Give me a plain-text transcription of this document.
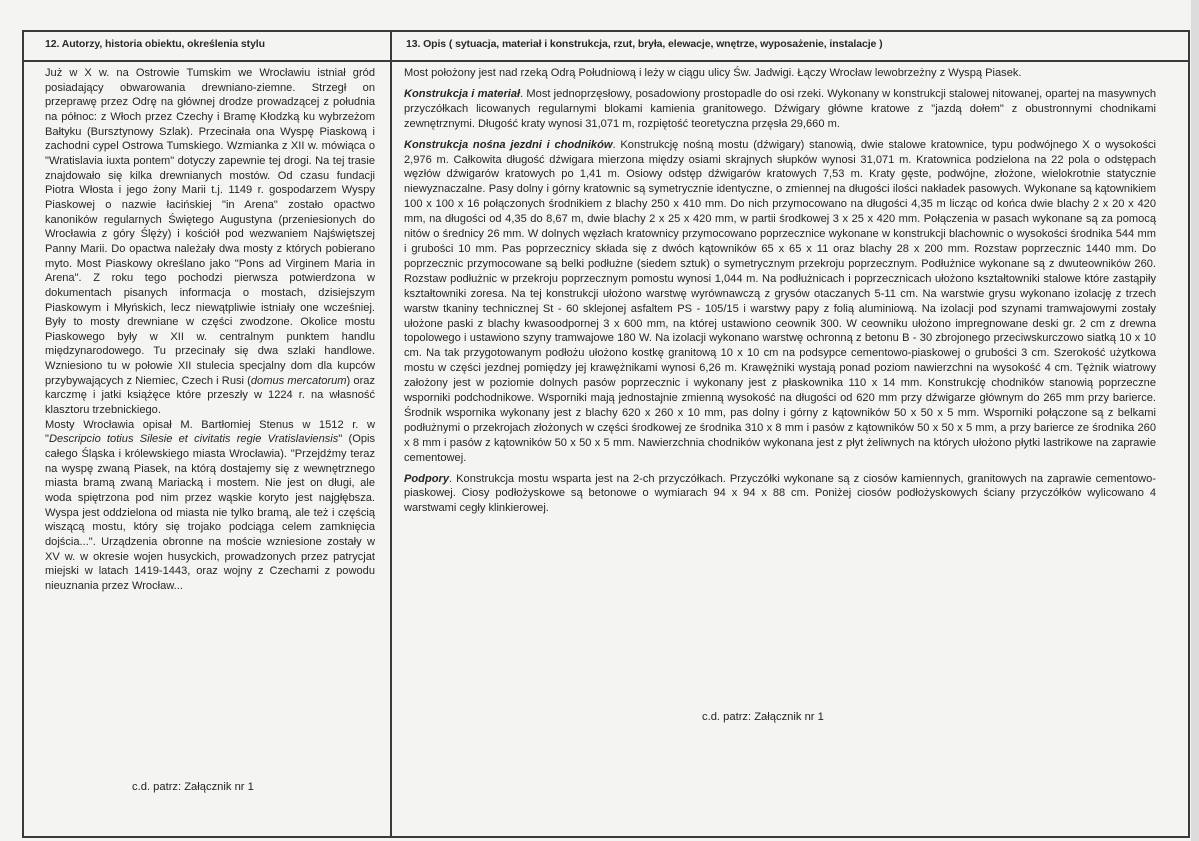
12. Autorzy, historia obiektu, określenia stylu	13. Opis ( sytuacja, materiał i konstrukcja, rzut, bryła, elewacje, wnętrze, wyposażenie, instalacje )

Już w X w. na Ostrowie Tumskim we Wrocławiu istniał gród posiadający obwarowania drewniano-ziemne. Strzegł on przeprawę przez Odrę na głównej drodze prowadzącej z południa na północ: z Włoch przez Czechy i Bramę Kłodzką ku wybrzeżom Bałtyku (Bursztynowy Szlak). Przecinała ona Wyspę Piaskową i zachodni cypel Ostrowa Tumskiego. Wzmianka z XII w. mówiąca o "Wratislavia iuxta pontem" dotyczy zapewnie tej drogi. Na tej trasie znajdowało się kilka drewnianych mostów. Od czasu fundacji Piotra Włosta i jego żony Marii t.j. 1149 r. gospodarzem Wyspy Piaskowej o nazwie łacińskiej "in Arena" zostało opactwo kanoników regularnych Świętego Augustyna (przeniesionych do Wrocławia z góry Ślęży) i kościół pod wezwaniem Najświętszej Panny Marii. Do opactwa należały dwa mosty z których pobierano myto. Most Piaskowy określano jako "Pons ad Virginem Maria in Arena". Z roku tego pochodzi pierwsza potwierdzona w dokumentach pisanych informacja o mostach, dzisiejszym Piaskowym i Młyńskich, lecz niewątpliwie istniały one wcześniej. Były to mosty drewniane w części zwodzone. Okolice mostu Piaskowego były w XII w. centralnym punktem handlu międzynarodowego. Tu przecinały się dwa szlaki handlowe. Wzniesiono tu w połowie XII stulecia specjalny dom dla kupców przybywających z Niemiec, Czech i Rusi (domus mercatorum) oraz karczmę i jatki książęce które przeszły w 1224 r. na własność klasztoru trzebnickiego.

Mosty Wrocławia opisał M. Bartłomiej Stenus w 1512 r. w "Descripcio totius Silesie et civitatis regie Vratislaviensis" (Opis całego Śląska i królewskiego miasta Wrocławia). "Przejdźmy teraz na wyspę zwaną Piasek, na którą dostajemy się z wewnętrznego miasta bramą zwaną Mariacką i mostem. Nie jest on długi, ale woda spiętrzona pod nim przez wąskie koryto jest najgłębsza. Wyspa jest oddzielona od miasta nie tylko bramą, ale też i częścią wiszącą mostu, który się trojako podciąga celem zamknięcia dojścia...". Urządzenia obronne na moście wzniesione zostały w XV w. w okresie wojen husyckich, prowadzonych przez patrycjat miejski w latach 1419-1443, oraz wojny z Czechami z powodu nieuznania przez Wrocław...

c.d. patrz: Załącznik nr 1

Most położony jest nad rzeką Odrą Południową i leży w ciągu ulicy Św. Jadwigi. Łączy Wrocław lewobrzeżny z Wyspą Piasek.

Konstrukcja i materiał. Most jednoprzęsłowy, posadowiony prostopadle do osi rzeki. Wykonany w konstrukcji stalowej nitowanej, opartej na masywnych przyczółkach licowanych regularnymi blokami kamienia granitowego. Dźwigary główne kratowe z "jazdą dołem" z obustronnymi chodnikami zewnętrznymi. Długość kraty wynosi 31,071 m, rozpiętość teoretyczna przęsła 29,660 m.

Konstrukcja nośna jezdni i chodników. Konstrukcję nośną mostu (dźwigary) stanowią, dwie stalowe kratownice, typu podwójnego X o wysokości 2,976 m. Całkowita długość dźwigara mierzona między osiami skrajnych słupków wynosi 31,071 m. Kratownica podzielona na 22 pola o odstępach węzłów dźwigarów kratowych po 1,41 m. Osiowy odstęp dźwigarów kratowych 7,53 m. Kraty gęste, podwójne, złożone, wielokrotnie statycznie niewyznaczalne. Pasy dolny i górny kratownic są symetrycznie identyczne, o zmiennej na długości ilości nakładek pasowych. Wykonane są kątownikiem 100 x 100 x 16 połączonych środnikiem z blachy 250 x 410 mm. Do nich przymocowano na długości 4,35 m licząc od końca dwie blachy 2 x 20 x 420 mm, na długości od 4,35 do 8,67 m, dwie blachy 2 x 25 x 420 mm, w partii środkowej 3 x 25 x 420 mm. Połączenia w pasach wykonane są za pomocą nitów o średnicy 26 mm. W dolnych węzłach kratownicy przymocowano poprzecznice wykonane w konstrukcji blachownic o wysokości środnika 544 mm i grubości 10 mm. Pas poprzecznicy składa się z dwóch kątowników 65 x 65 x 11 oraz blachy 28 x 200 mm. Rozstaw poprzecznic 1440 mm. Do poprzecznic przymocowane są belki podłużne (siedem sztuk) o symetrycznym przekroju poprzecznym. Podłużnice wykonane są z dwuteowników 260. Rozstaw podłużnic w przekroju poprzecznym pomostu wynosi 1,044 m. Na podłużnicach i poprzecznicach ułożono kształtowniki stalowe które zastąpiły kształtowniki zoresa. Na tej konstrukcji ułożono warstwę wyrównawczą z grysów otaczanych 5-11 cm. Na warstwie grysu wykonano izolację z trzech warstw tkaniny technicznej St - 60 sklejonej asfaltem PS - 105/15 i warstwy papy z folią aluminiową. Na izolacji pod szynami tramwajowymi zostały ułożone paski z blachy kwasoodpornej 3 x 600 mm, na której ustawiono ceownik 300. W ceowniku ułożono impregnowane deski gr. 2 cm z drewna topolowego i ustawiono szyny tramwajowe 180 W. Na izolacji wykonano warstwę ochronną z betonu B - 30 zbrojonego przeciwskurczowo siatką 10 x 10 cm. Na tak przygotowanym podłożu ułożono kostkę granitową 10 x 10 cm na podsypce cementowo-piaskowej o grubości 3 cm. Szerokość użytkowa mostu w części jezdnej pomiędzy jej krawężnikami wynosi 6,26 m. Krawężniki wystają ponad poziom nawierzchni na wysokość 4 cm. Tężnik wiatrowy założony jest w poziomie dolnych pasów poprzecznic i wykonany jest z płaskownika 110 x 14 mm. Konstrukcję chodników stanowią poprzeczne wsporniki podchodnikowe. Wsporniki mają jednostajnie zmienną wysokość na długości od 620 mm przy dźwigarze głównym do 265 mm przy barierce. Środnik wspornika wykonany jest z blachy 620 x 260 x 10 mm, pas dolny i górny z kątowników 50 x 50 x 5 mm. Wsporniki połączone są z belkami podłużnymi o przekrojach złożonych w części środkowej ze środnika 310 x 8 mm i pasów z kątowników 50 x 50 x 5 mm, a przy barierce ze środnika 260 x 8 mm i pasów z kątowników 50 x 50 x 5 mm. Nawierzchnia chodników wykonana jest z płyt żeliwnych na których ułożono płytki lastrikowe na zaprawie cementowej.

Podpory. Konstrukcja mostu wsparta jest na 2-ch przyczółkach. Przyczółki wykonane są z ciosów kamiennych, granitowych na zaprawie cementowo-piaskowej. Ciosy podłożyskowe są betonowe o wymiarach 94 x 94 x 88 cm. Poniżej ciosów podłożyskowych ściany przyczółków wylicowano 4 warstwami cegły klinkierowej.

c.d. patrz: Załącznik nr 1
